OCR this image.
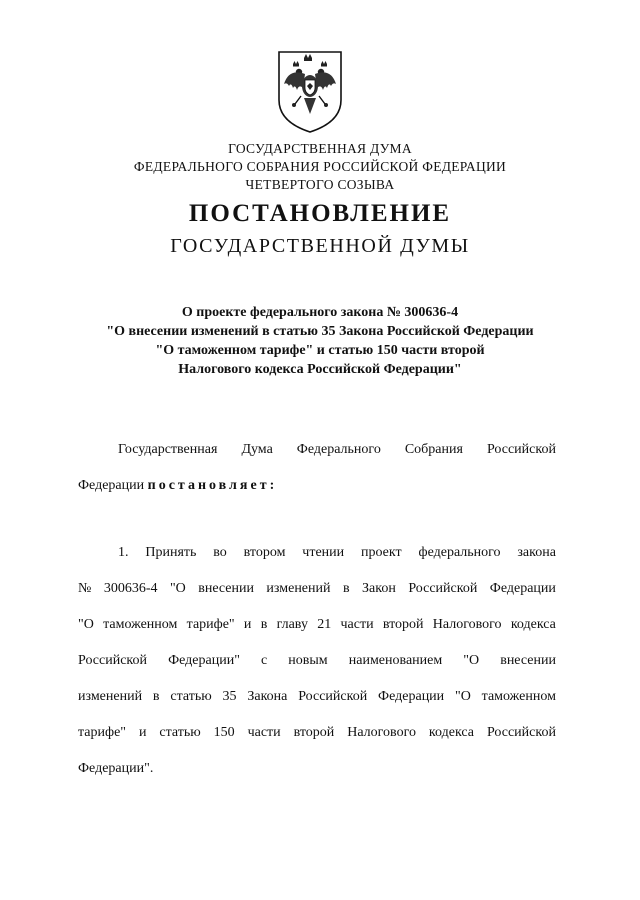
ГОСУДАРСТВЕННАЯ ДУМА
ФЕДЕРАЛЬНОГО СОБРАНИЯ РОССИЙСКОЙ ФЕДЕРАЦИИ
ЧЕТВЕРТОГО СОЗЫВА
ПОСТАНОВЛЕНИЕ
ГОСУДАРСТВЕННОЙ ДУМЫ
О проекте федерального закона № 300636-4
"О внесении изменений в статью 35 Закона Российской Федерации
"О таможенном тарифе" и статью 150 части второй
Налогового кодекса Российской Федерации"
Государственная Дума Федерального Собрания Российской
Федерации постановляет:
1. Принять во втором чтении проект федерального закона
№ 300636-4 "О внесении изменений в Закон Российской Федерации
"О таможенном тарифе" и в главу 21 части второй Налогового кодекса
Российской Федерации" с новым наименованием "О внесении
изменений в статью 35 Закона Российской Федерации "О таможенном
тарифе" и статью 150 части второй Налогового кодекса Российской
Федерации".
